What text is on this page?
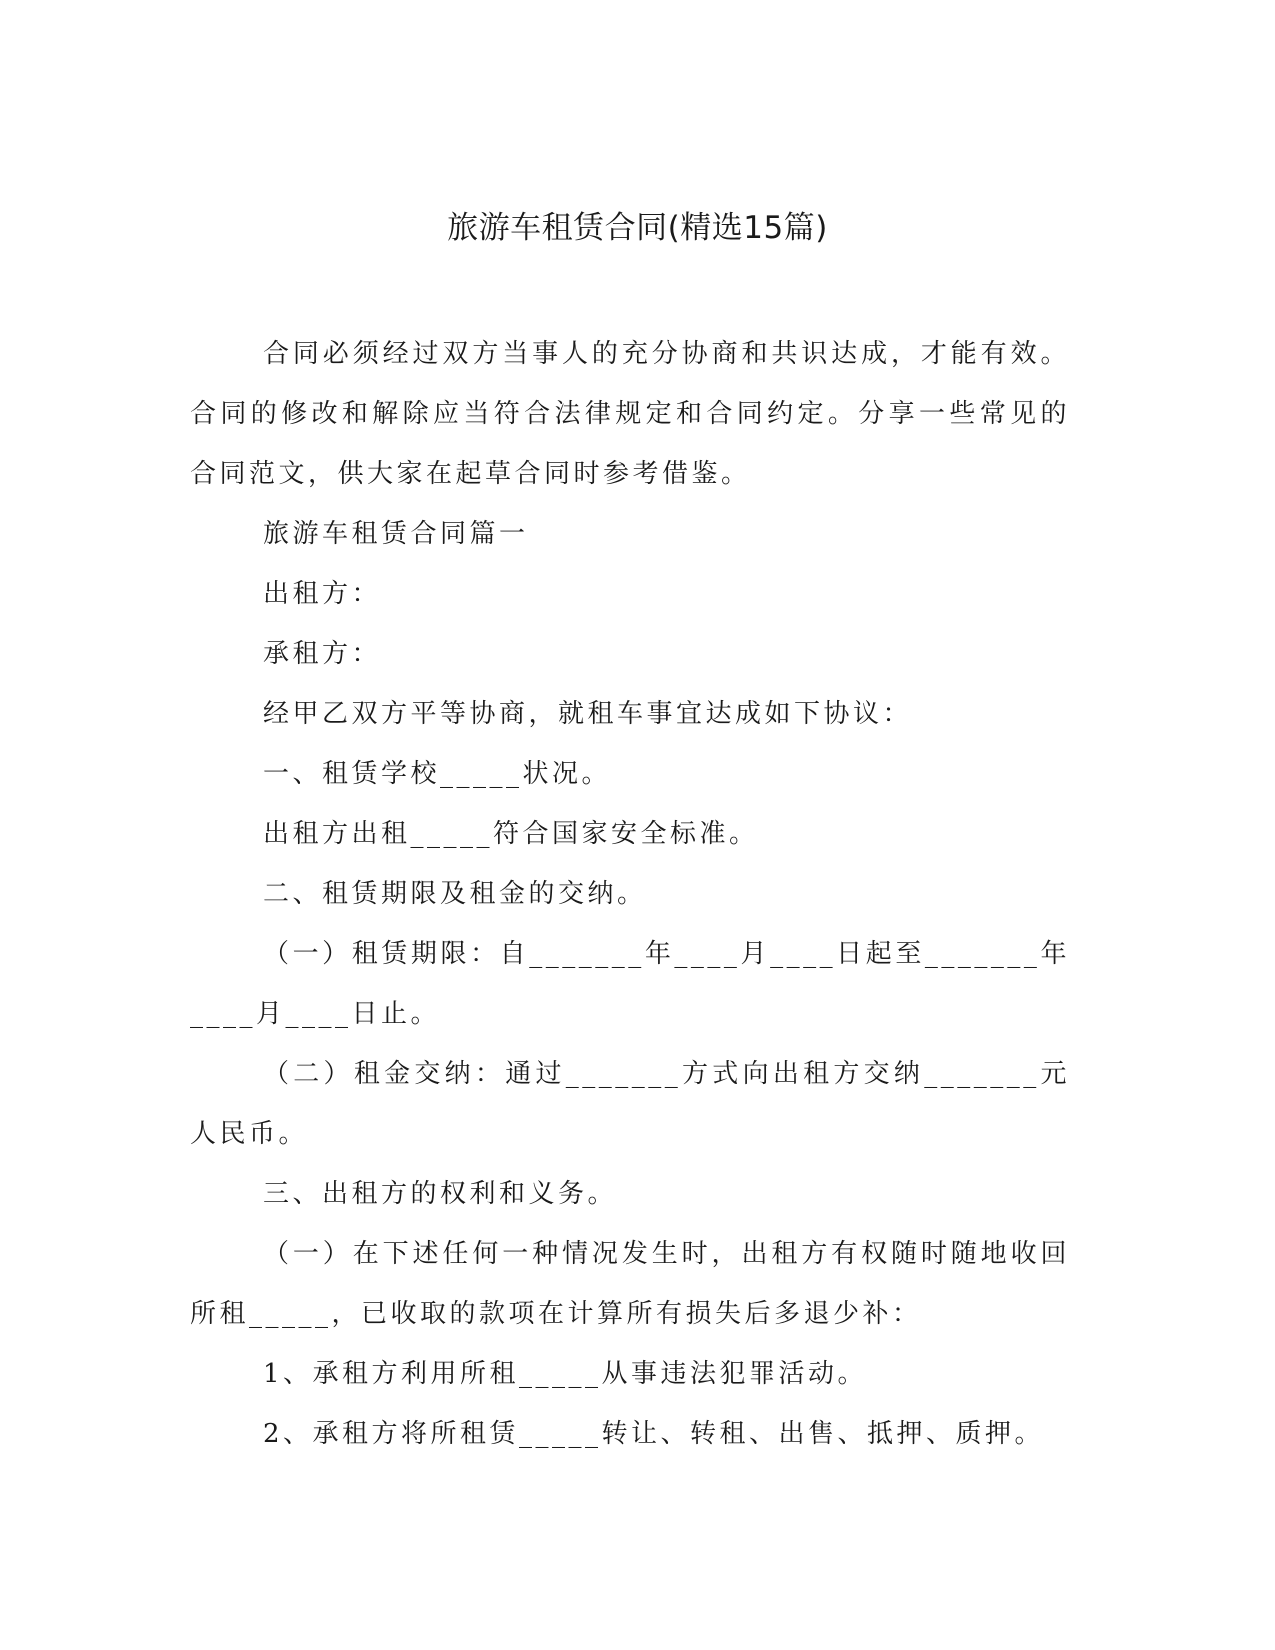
旅游车租赁合同(精选15篇)

合同必须经过双方当事人的充分协商和共识达成，才能有效。合同的修改和解除应当符合法律规定和合同约定。分享一些常见的合同范文，供大家在起草合同时参考借鉴。

旅游车租赁合同篇一

出租方：

承租方：

经甲乙双方平等协商，就租车事宜达成如下协议：

一、租赁学校_____状况。

出租方出租_____符合国家安全标准。

二、租赁期限及租金的交纳。

（一）租赁期限：自_______年____月____日起至_______年____月____日止。

（二）租金交纳：通过_______方式向出租方交纳_______元人民币。

三、出租方的权利和义务。

（一）在下述任何一种情况发生时，出租方有权随时随地收回所租_____，已收取的款项在计算所有损失后多退少补：

1、承租方利用所租_____从事违法犯罪活动。

2、承租方将所租赁_____转让、转租、出售、抵押、质押。
